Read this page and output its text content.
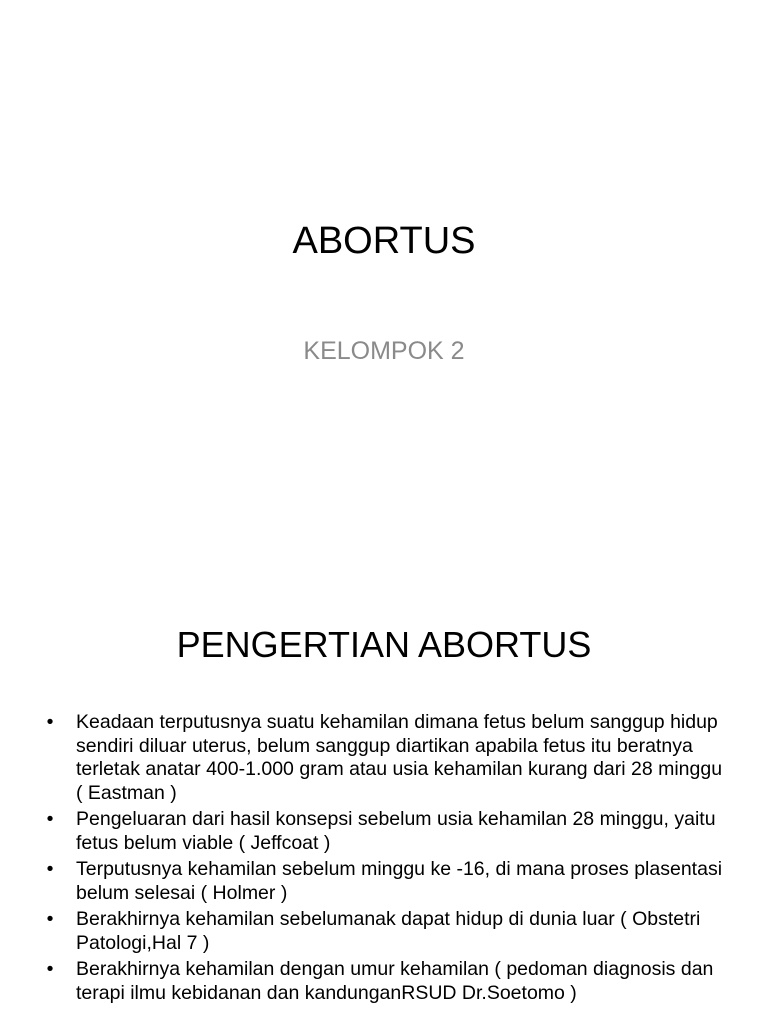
ABORTUS
KELOMPOK 2
PENGERTIAN ABORTUS
• Keadaan terputusnya suatu kehamilan dimana fetus belum sanggup hidup sendiri diluar uterus, belum sanggup diartikan apabila fetus itu beratnya terletak anatar 400-1.000 gram atau usia kehamilan kurang dari 28 minggu ( Eastman )
• Pengeluaran dari hasil konsepsi sebelum usia kehamilan 28 minggu, yaitu fetus belum viable ( Jeffcoat )
• Terputusnya kehamilan sebelum minggu ke -16, di mana proses plasentasi belum selesai ( Holmer )
• Berakhirnya kehamilan sebelumanak dapat hidup di dunia luar ( Obstetri Patologi,Hal 7 )
• Berakhirnya kehamilan dengan umur kehamilan ( pedoman diagnosis dan terapi ilmu kebidanan dan kandunganRSUD Dr.Soetomo )
